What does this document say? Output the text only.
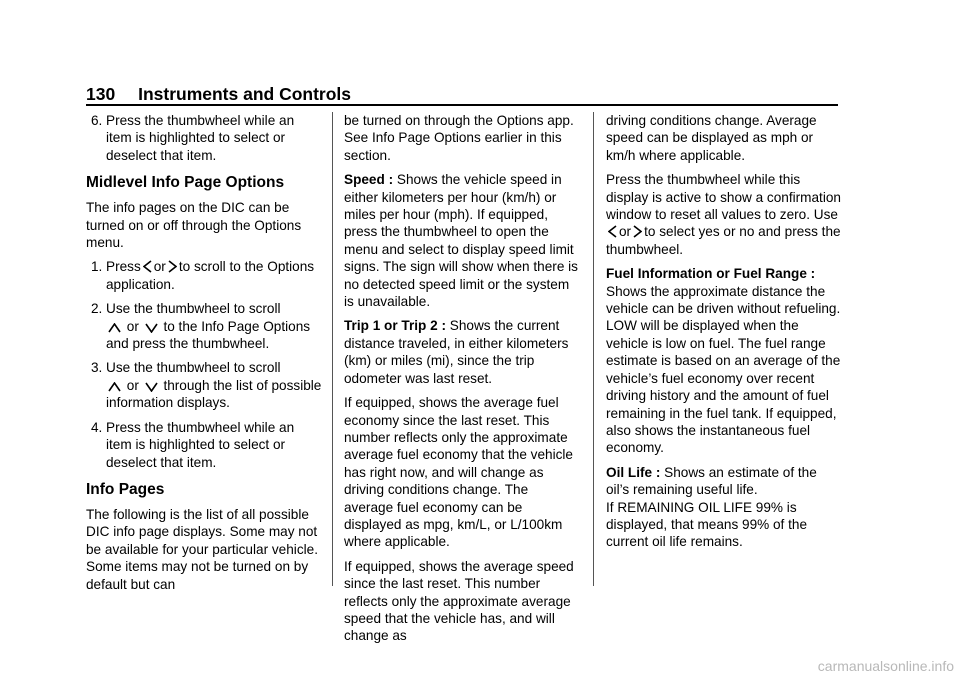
130 Instruments and Controls
6. Press the thumbwheel while an item is highlighted to select or deselect that item.
Midlevel Info Page Options

The info pages on the DIC can be turned on or off through the Options menu.

1. Press or to scroll to the Options application.
2. Use the thumbwheel to scroll

or to the Info Page Options and press the thumbwheel.
3. Use the thumbwheel to scroll

or through the list of possible information displays.
4. Press the thumbwheel while an item is highlighted to select or deselect that item.
Info Pages

The following is the list of all possible DIC info page displays. Some may not be available for your particular vehicle. Some items may not be turned on by default but can

be turned on through the Options app. See Info Page Options earlier in this section.

Speed : Shows the vehicle speed in either kilometers per hour (km/h) or miles per hour (mph). If equipped, press the thumbwheel to open the menu and select to display speed limit signs. The sign will show when there is no detected speed limit or the system is unavailable.

Trip 1 or Trip 2 : Shows the current distance traveled, in either kilometers (km) or miles (mi), since the trip odometer was last reset.

If equipped, shows the average fuel economy since the last reset. This number reflects only the approximate average fuel economy that the vehicle has right now, and will change as driving conditions change. The average fuel economy can be displayed as mpg, km/L, or L/100km where applicable.

If equipped, shows the average speed since the last reset. This number reflects only the approximate average speed that the vehicle has, and will change as

driving conditions change. Average speed can be displayed as mph or km/h where applicable.

Press the thumbwheel while this display is active to show a confirmation window to reset all values to zero. Use
or to select yes or no and press the thumbwheel.

Fuel Information or Fuel Range :
Shows the approximate distance the vehicle can be driven without refueling. LOW will be displayed when the vehicle is low on fuel. The fuel range estimate is based on an average of the vehicle’s fuel economy over recent driving history and the amount of fuel remaining in the fuel tank. If equipped, also shows the instantaneous fuel economy.

Oil Life : Shows an estimate of the oil’s remaining useful life.
If REMAINING OIL LIFE 99% is displayed, that means 99% of the current oil life remains.

carmanualsonline.info
